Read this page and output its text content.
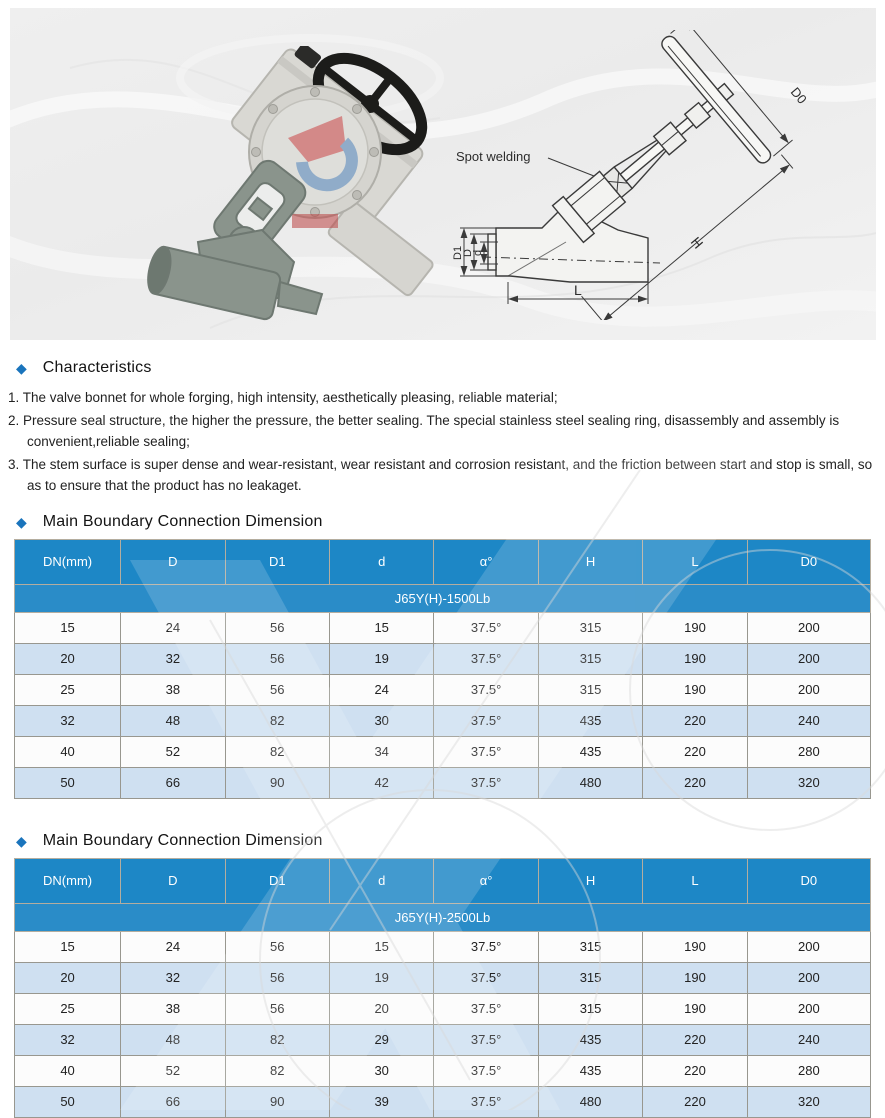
Spot welding
D0
H
L
D1
D
d
◆ Characteristics
1. The valve bonnet for whole forging, high intensity, aesthetically pleasing, reliable material;
2. Pressure seal structure, the higher the pressure, the better sealing. The special stainless steel sealing ring, disassembly and assembly is convenient,reliable sealing;
3. The stem surface is super dense and wear-resistant, wear resistant and corrosion resistant, and the friction between start and stop is small, so as to ensure that the product has no leakaget.
◆ Main Boundary Connection Dimension
DN(mm)	D	D1	d	α°	H	L	D0
J65Y(H)-1500Lb							
15	24	56	15	37.5°	315	190	200
20	32	56	19	37.5°	315	190	200
25	38	56	24	37.5°	315	190	200
32	48	82	30	37.5°	435	220	240
40	52	82	34	37.5°	435	220	280
50	66	90	42	37.5°	480	220	320
◆ Main Boundary Connection Dimension
DN(mm)	D	D1	d	α°	H	L	D0
J65Y(H)-2500Lb							
15	24	56	15	37.5°	315	190	200
20	32	56	19	37.5°	315	190	200
25	38	56	20	37.5°	315	190	200
32	48	82	29	37.5°	435	220	240
40	52	82	30	37.5°	435	220	280
50	66	90	39	37.5°	480	220	320
